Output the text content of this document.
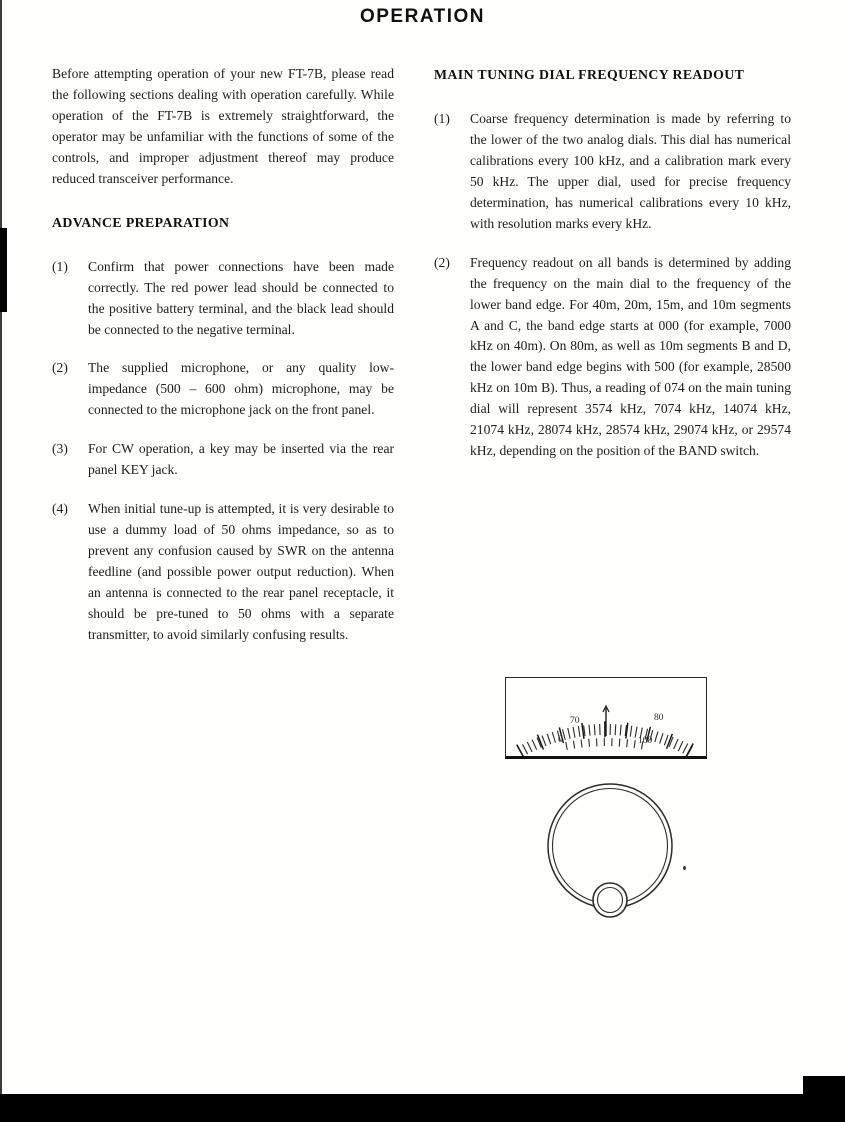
OPERATION

Before attempting operation of your new FT-7B, please read the following sections dealing with operation carefully. While operation of the FT-7B is extremely straightforward, the operator may be unfamiliar with the functions of some of the controls, and improper adjustment thereof may produce reduced transceiver performance.

ADVANCE PREPARATION
(1)	Confirm that power connections have been made correctly. The red power lead should be connected to the positive battery terminal, and the black lead should be connected to the negative terminal.

(2)	The supplied microphone, or any quality low-impedance (500 – 600 ohm) microphone, may be connected to the microphone jack on the front panel.

(3)	For CW operation, a key may be inserted via the rear panel KEY jack.

(4)	When initial tune-up is attempted, it is very desirable to use a dummy load of 50 ohms impedance, so as to prevent any confusion caused by SWR on the antenna feedline (and possible power output reduction). When an antenna is connected to the rear panel receptacle, it should be pre-tuned to 50 ohms with a separate transmitter, to avoid similarly confusing results.

MAIN TUNING DIAL FREQUENCY READOUT
(1)	Coarse frequency determination is made by referring to the lower of the two analog dials. This dial has numerical calibrations every 100 kHz, and a calibration mark every 50 kHz. The upper dial, used for precise frequency determination, has numerical calibrations every 10 kHz, with resolution marks every kHz.

(2)	Frequency readout on all bands is determined by adding the frequency on the main dial to the frequency of the lower band edge. For 40m, 20m, 15m, and 10m segments A and C, the band edge starts at 000 (for example, 7000 kHz on 40m). On 80m, as well as 10m segments B and D, the lower band edge begins with 500 (for example, 28500 kHz on 10m B). Thus, a reading of 074 on the main tuning dial will represent 3574 kHz, 7074 kHz, 14074 kHz, 21074 kHz, 28074 kHz, 28574 kHz, 29074 kHz, or 29574 kHz, depending on the position of the BAND switch.

70	80
0	100
